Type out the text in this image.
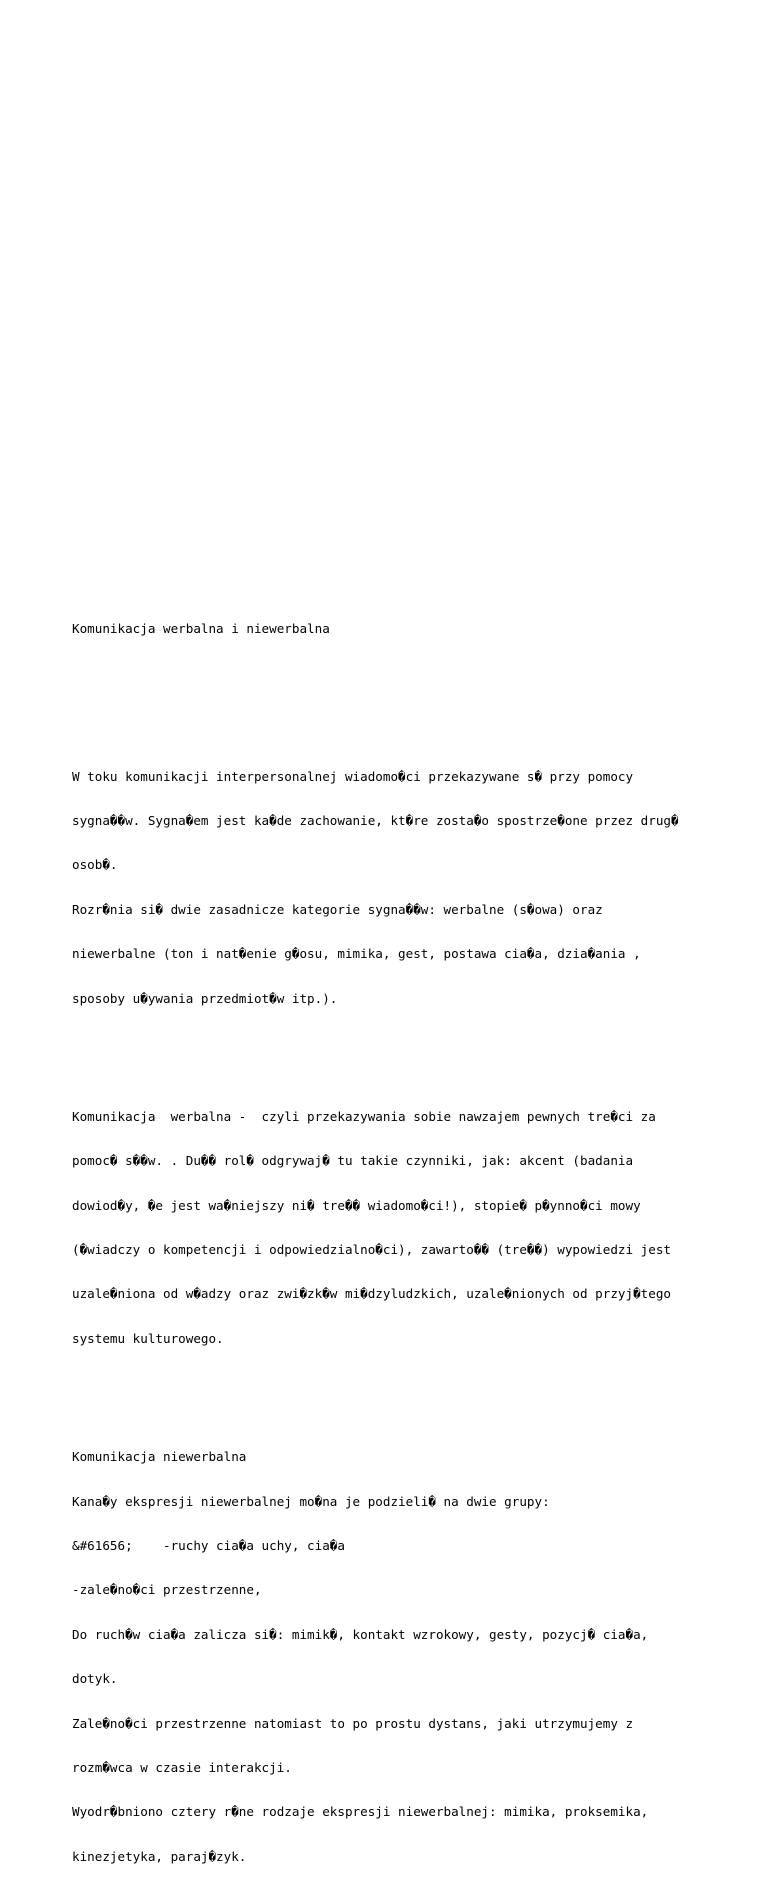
Komunikacja werbalna i niewerbalna

W toku komunikacji interpersonalnej wiadomo�ci przekazywane s� przy pomocy

sygna��w. Sygna�em jest ka�de zachowanie, kt�re zosta�o spostrze�one przez drug�

osob�.

Rozr�nia si� dwie zasadnicze kategorie sygna��w: werbalne (s�owa) oraz

niewerbalne (ton i nat�enie g�osu, mimika, gest, postawa cia�a, dzia�ania ,

sposoby u�ywania przedmiot�w itp.).

Komunikacja  werbalna -  czyli przekazywania sobie nawzajem pewnych tre�ci za

pomoc� s��w. . Du�� rol� odgrywaj� tu takie czynniki, jak: akcent (badania

dowiod�y, �e jest wa�niejszy ni� tre�� wiadomo�ci!), stopie� p�ynno�ci mowy

(�wiadczy o kompetencji i odpowiedzialno�ci), zawarto�� (tre��) wypowiedzi jest

uzale�niona od w�adzy oraz zwi�zk�w mi�dzyludzkich, uzale�nionych od przyj�tego

systemu kulturowego.

Komunikacja niewerbalna

Kana�y ekspresji niewerbalnej mo�na je podzieli� na dwie grupy:

&#61656;    -ruchy cia�a uchy, cia�a

-zale�no�ci przestrzenne,

Do ruch�w cia�a zalicza si�: mimik�, kontakt wzrokowy, gesty, pozycj� cia�a,

dotyk.

Zale�no�ci przestrzenne natomiast to po prostu dystans, jaki utrzymujemy z

rozm�wca w czasie interakcji.

Wyodr�bniono cztery r�ne rodzaje ekspresji niewerbalnej: mimika, proksemika,

kinezjetyka, paraj�zyk.
